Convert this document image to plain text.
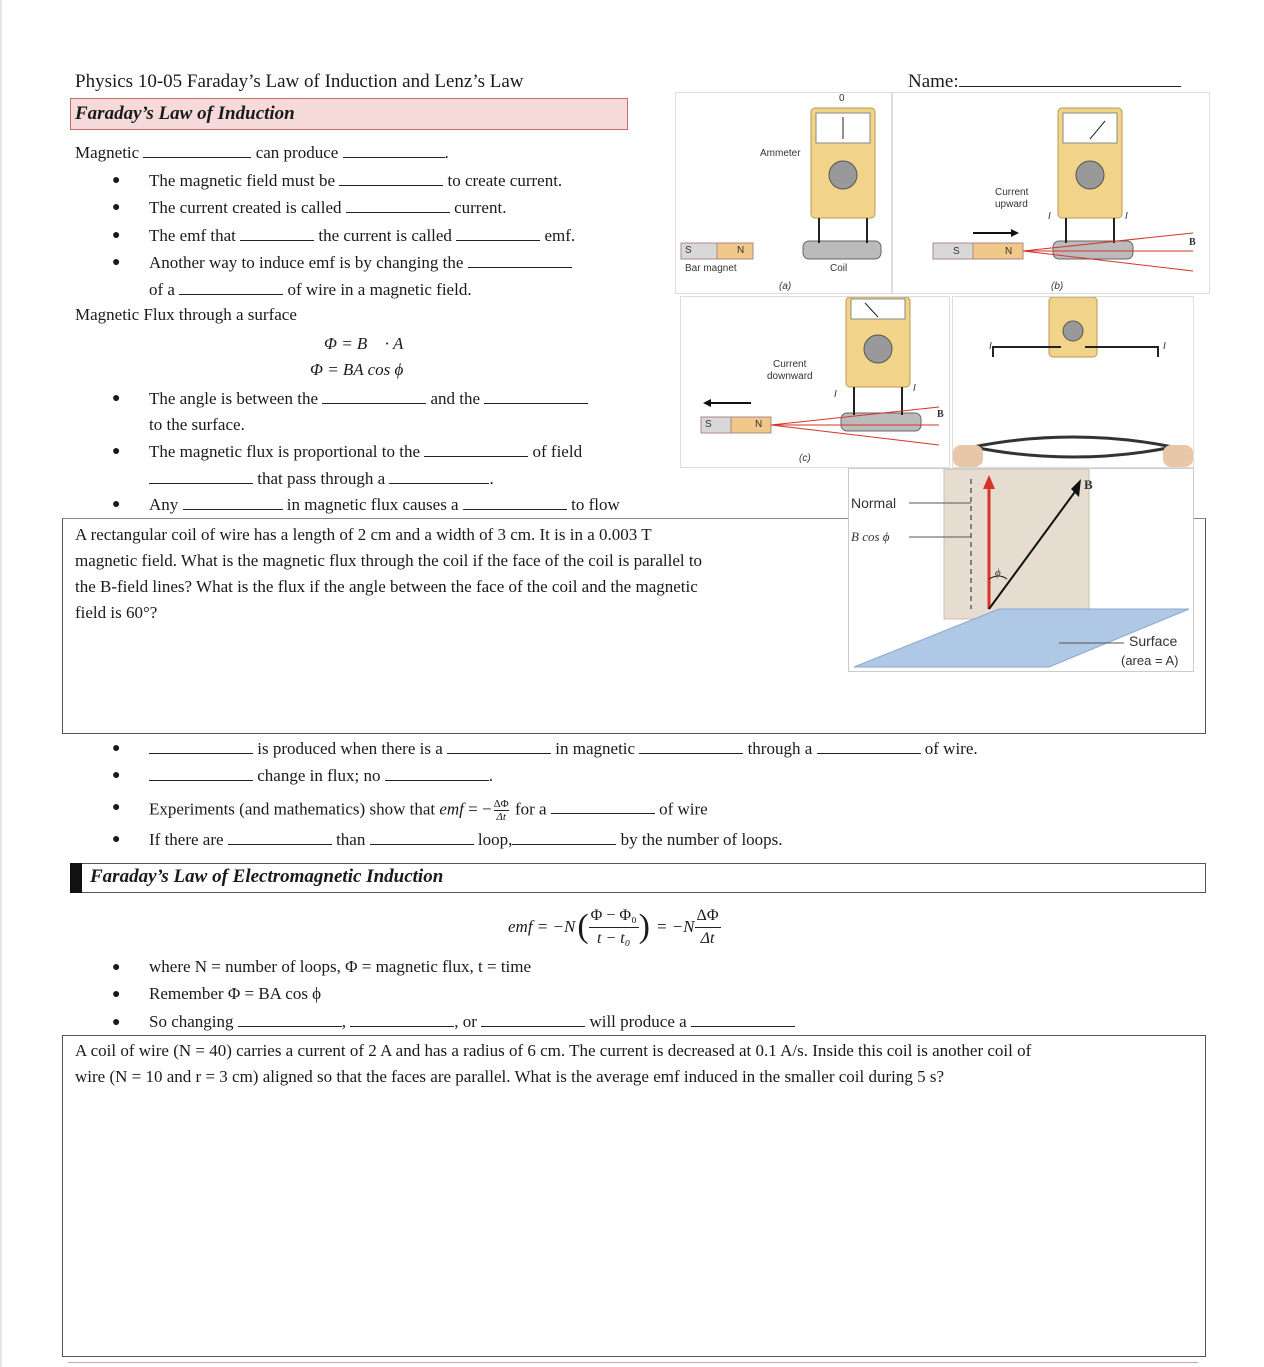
Physics 10-05 Faraday’s Law of Induction and Lenz’s Law	Name:
Faraday’s Law of Induction
Magnetic	can produce	.
● The magnetic field must be	to create current.
● The current created is called	current.
● The emf that	the current is called	emf.
● Another way to induce emf is by changing the
of a	of wire in a magnetic field.
Magnetic Flux through a surface
Φ = B⃗ · A⃗
Φ = BA cos ϕ
● The angle is between the	and the
to the surface.
● The magnetic flux is proportional to the	of field
that pass through a	.
● Any	in magnetic flux causes a	to flow
A rectangular coil of wire has a length of 2 cm and a width of 3 cm. It is in a 0.003 T
magnetic field. What is the magnetic flux through the coil if the face of the coil is parallel to
the B-field lines? What is the flux if the angle between the face of the coil and the magnetic
field is 60°?
●	is produced when there is a	in magnetic	through a	of wire.
●	change in flux; no	.
● Experiments (and mathematics) show that emf = − $\frac{\Delta\Phi}{\Delta t}$ for a	of wire
● If there are	than	loop,	by the number of loops.
Faraday’s Law of Electromagnetic Induction
emf = −N ( Φ − Φ₀
t − t₀ ) = −N
ΔΦ
Δt
● where N = number of loops, Φ = magnetic flux, t = time
● Remember Φ = BA cos ϕ
● So changing	,	, or	will produce a
A coil of wire (N = 40) carries a current of 2 A and has a radius of 6 cm. The current is decreased at 0.1 A/s. Inside this coil is another coil of
wire (N = 10 and r = 3 cm) aligned so that the faces are parallel. What is the average emf induced in the smaller coil during 5 s?
0
Ammeter
S	N
Bar magnet	Coil
(a)
Current
upward
S	N
B
I	I
(b)
Current
downward
S	N
B
I
I
(c)
I	I
Normal
B cos ϕ
B
ϕ
Surface
(area = A)
